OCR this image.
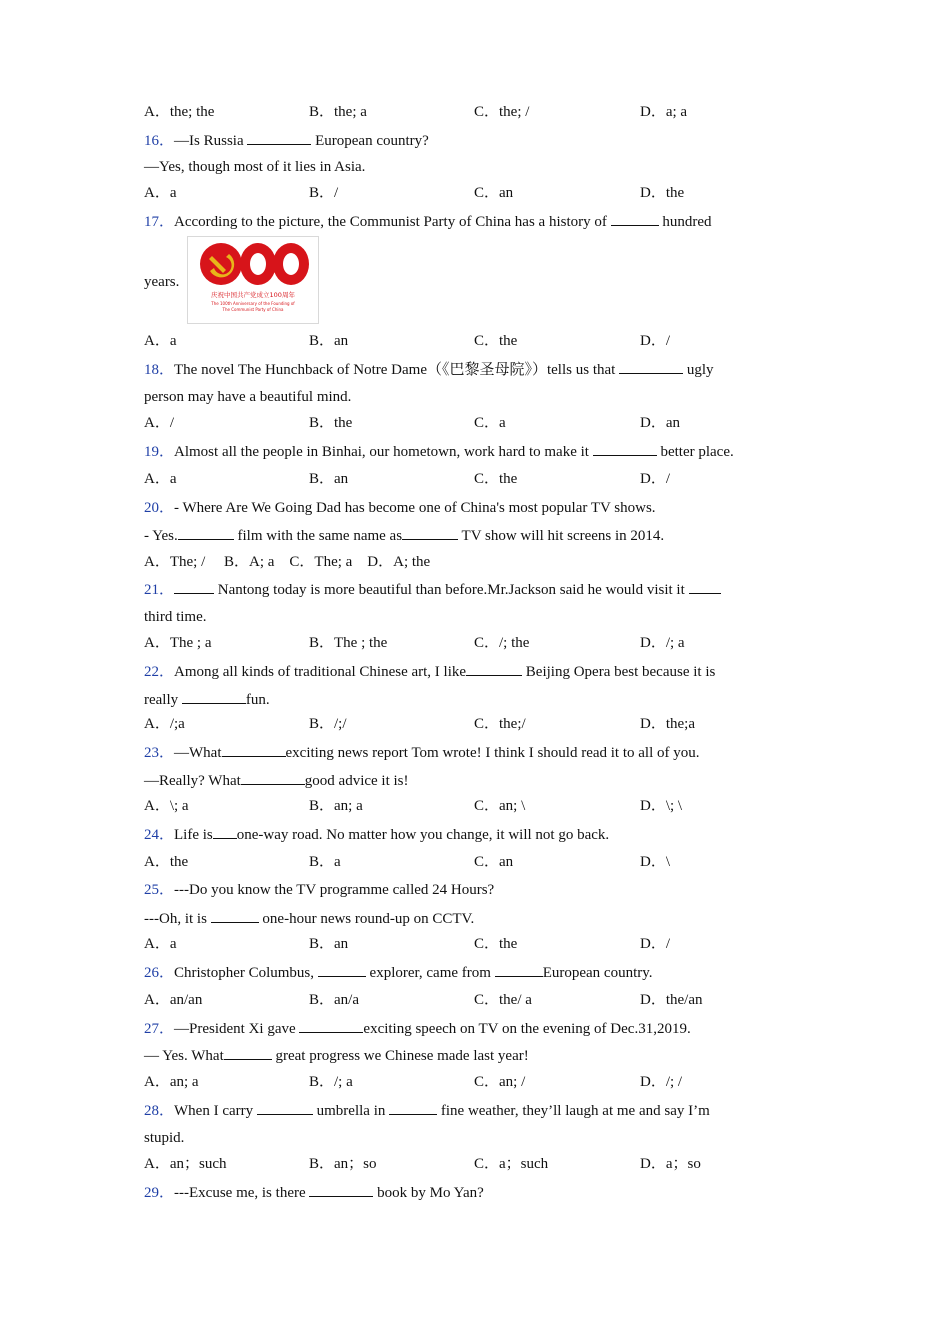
A．the; the	B．the; a	C．the; /	D．a; a
16．—Is Russia	European country?
—Yes, though most of it lies in Asia.
A．a	B．/	C．an	D．the
17．According to the picture, the Communist Party of China has a history of	hundred
years.
A．a	B．an	C．the	D．/
18．The novel The Hunchback of Notre Dame（《巴黎圣母院》）tells us that	ugly
person may have a beautiful mind.
A．/	B．the	C．a	D．an
19．Almost all the people in Binhai, our hometown, work hard to make it	better place.
A．a	B．an	C．the	D．/
20．- Where Are We Going Dad has become one of China's most popular TV shows.
- Yes.	film with the same name as	TV show will hit screens in 2014.
A．The; /     B．A; a    C．The; a    D．A; the
21．	Nantong today is more beautiful than before.Mr.Jackson said he would visit it
third time.
A．The ; a	B．The ; the	C．/; the	D．/; a
22．Among all kinds of traditional Chinese art, I like	Beijing Opera best because it is
really	fun.
A．/;a	B．/;/	C．the;/	D．the;a
23．—What	exciting news report Tom wrote! I think I should read it to all of you.
—Really? What	good advice it is!
A．\; a	B．an; a	C．an; \	D．\; \
24．Life is one-way road. No matter how you change, it will not go back.
A．the	B．a	C．an	D．\
25．---Do you know the TV programme called 24 Hours?
---Oh, it is	one-hour news round-up on CCTV.
A．a	B．an	C．the	D．/
26．Christopher Columbus,	explorer, came from	European country.
A．an/an	B．an/a	C．the/ a	D．the/an
27．—President Xi gave	exciting speech on TV on the evening of Dec.31,2019.
— Yes. What	great progress we Chinese made last year!
A．an; a	B．/; a	C．an; /	D．/; /
28．When I carry	umbrella in	fine weather, they’ll laugh at me and say I’m
stupid.
A．an；such	B．an；so	C．a；such	D．a；so
29．---Excuse me, is there	book by Mo Yan?
庆祝中国共产党成立100周年
The 100th Anniversary of the Founding of
The Communist Party of China
